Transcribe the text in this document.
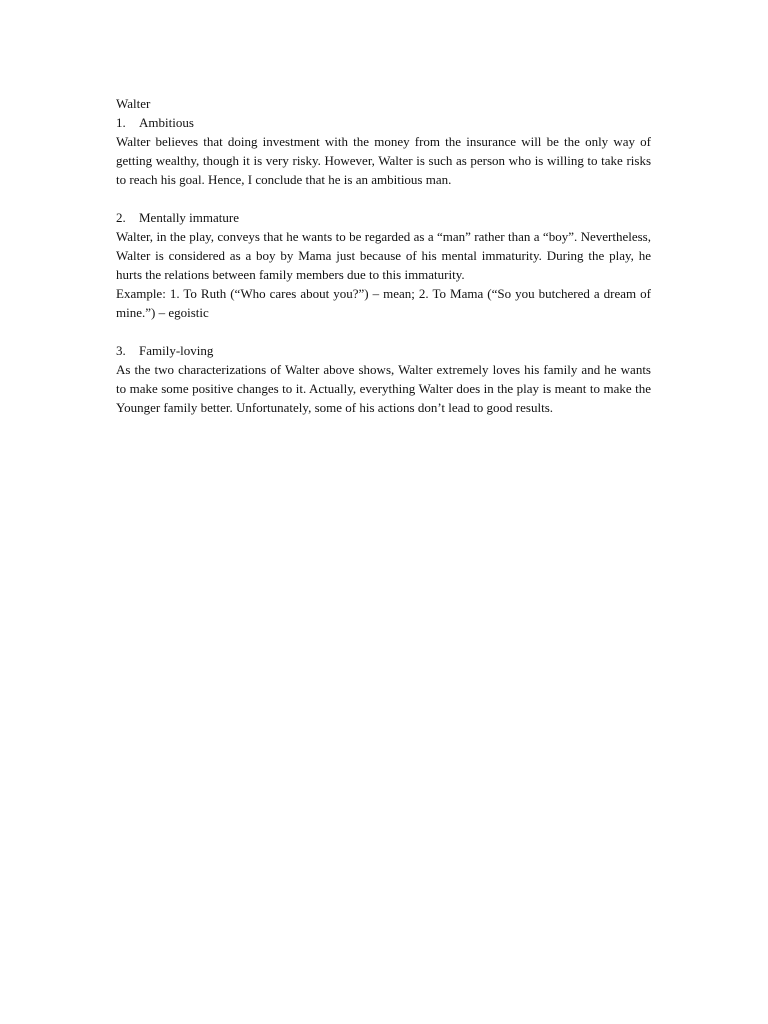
Walter
1.	Ambitious

Walter believes that doing investment with the money from the insurance will be the only way of getting wealthy, though it is very risky. However, Walter is such as person who is willing to take risks to reach his goal. Hence, I conclude that he is an ambitious man.

2.	Mentally immature

Walter, in the play, conveys that he wants to be regarded as a “man” rather than a “boy”. Nevertheless, Walter is considered as a boy by Mama just because of his mental immaturity. During the play, he hurts the relations between family members due to this immaturity.

Example: 1. To Ruth (“Who cares about you?”) – mean; 2. To Mama (“So you butchered a dream of mine.”) – egoistic

3.	Family-loving

As the two characterizations of Walter above shows, Walter extremely loves his family and he wants to make some positive changes to it. Actually, everything Walter does in the play is meant to make the Younger family better. Unfortunately, some of his actions don’t lead to good results.
